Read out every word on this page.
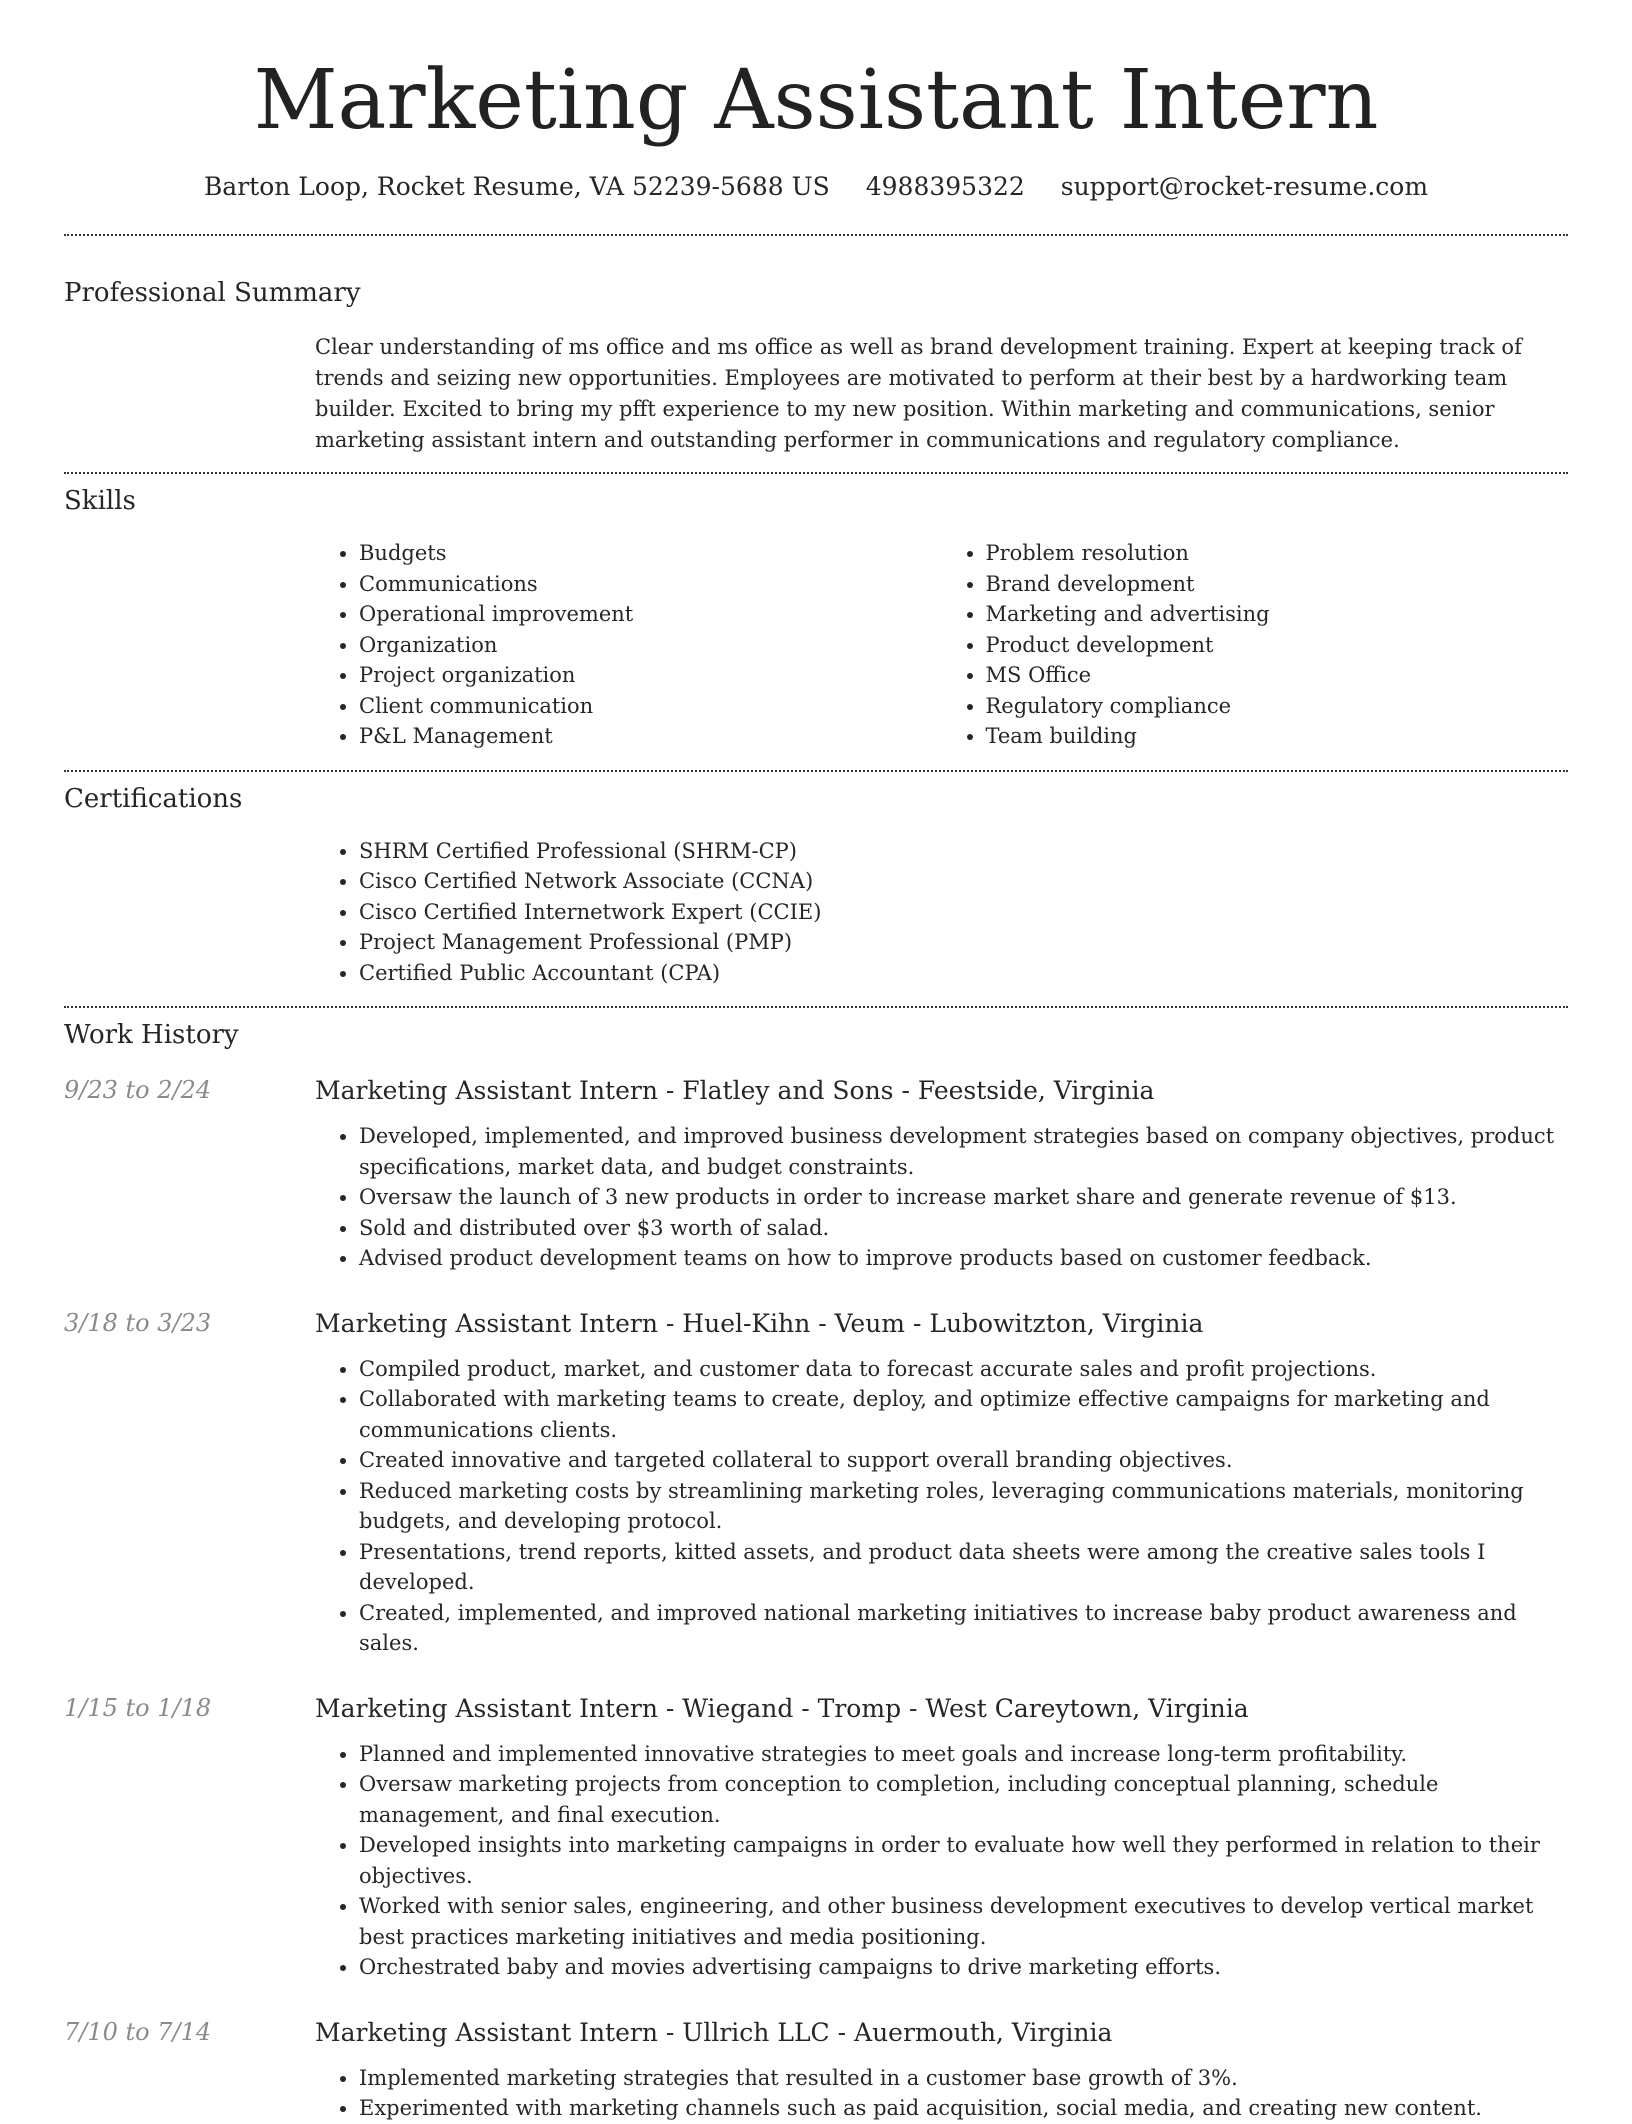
Marketing Assistant Intern
Barton Loop, Rocket Resume, VA 52239-5688 US 4988395322 support@rocket-resume.com
Professional Summary
Clear understanding of ms office and ms office as well as brand development training. Expert at keeping track of trends and seizing new opportunities. Employees are motivated to perform at their best by a hardworking team builder. Excited to bring my pfft experience to my new position. Within marketing and communications, senior marketing assistant intern and outstanding performer in communications and regulatory compliance.
Skills
• Budgets
• Communications
• Operational improvement
• Organization
• Project organization
• Client communication
• P&L Management
• Problem resolution
• Brand development
• Marketing and advertising
• Product development
• MS Office
• Regulatory compliance
• Team building
Certifications
• SHRM Certified Professional (SHRM-CP)
• Cisco Certified Network Associate (CCNA)
• Cisco Certified Internetwork Expert (CCIE)
• Project Management Professional (PMP)
• Certified Public Accountant (CPA)
Work History
9/23 to 2/24	Marketing Assistant Intern - Flatley and Sons - Feestside, Virginia
• Developed, implemented, and improved business development strategies based on company objectives, product specifications, market data, and budget constraints.
• Oversaw the launch of 3 new products in order to increase market share and generate revenue of $13.
• Sold and distributed over $3 worth of salad.
• Advised product development teams on how to improve products based on customer feedback.
3/18 to 3/23	Marketing Assistant Intern - Huel-Kihn - Veum - Lubowitzton, Virginia
• Compiled product, market, and customer data to forecast accurate sales and profit projections.
• Collaborated with marketing teams to create, deploy, and optimize effective campaigns for marketing and communications clients.
• Created innovative and targeted collateral to support overall branding objectives.
• Reduced marketing costs by streamlining marketing roles, leveraging communications materials, monitoring budgets, and developing protocol.
• Presentations, trend reports, kitted assets, and product data sheets were among the creative sales tools I developed.
• Created, implemented, and improved national marketing initiatives to increase baby product awareness and sales.
1/15 to 1/18	Marketing Assistant Intern - Wiegand - Tromp - West Careytown, Virginia
• Planned and implemented innovative strategies to meet goals and increase long-term profitability.
• Oversaw marketing projects from conception to completion, including conceptual planning, schedule management, and final execution.
• Developed insights into marketing campaigns in order to evaluate how well they performed in relation to their objectives.
• Worked with senior sales, engineering, and other business development executives to develop vertical market best practices marketing initiatives and media positioning.
• Orchestrated baby and movies advertising campaigns to drive marketing efforts.
7/10 to 7/14	Marketing Assistant Intern - Ullrich LLC - Auermouth, Virginia
• Implemented marketing strategies that resulted in a customer base growth of 3%.
• Experimented with marketing channels such as paid acquisition, social media, and creating new content.
